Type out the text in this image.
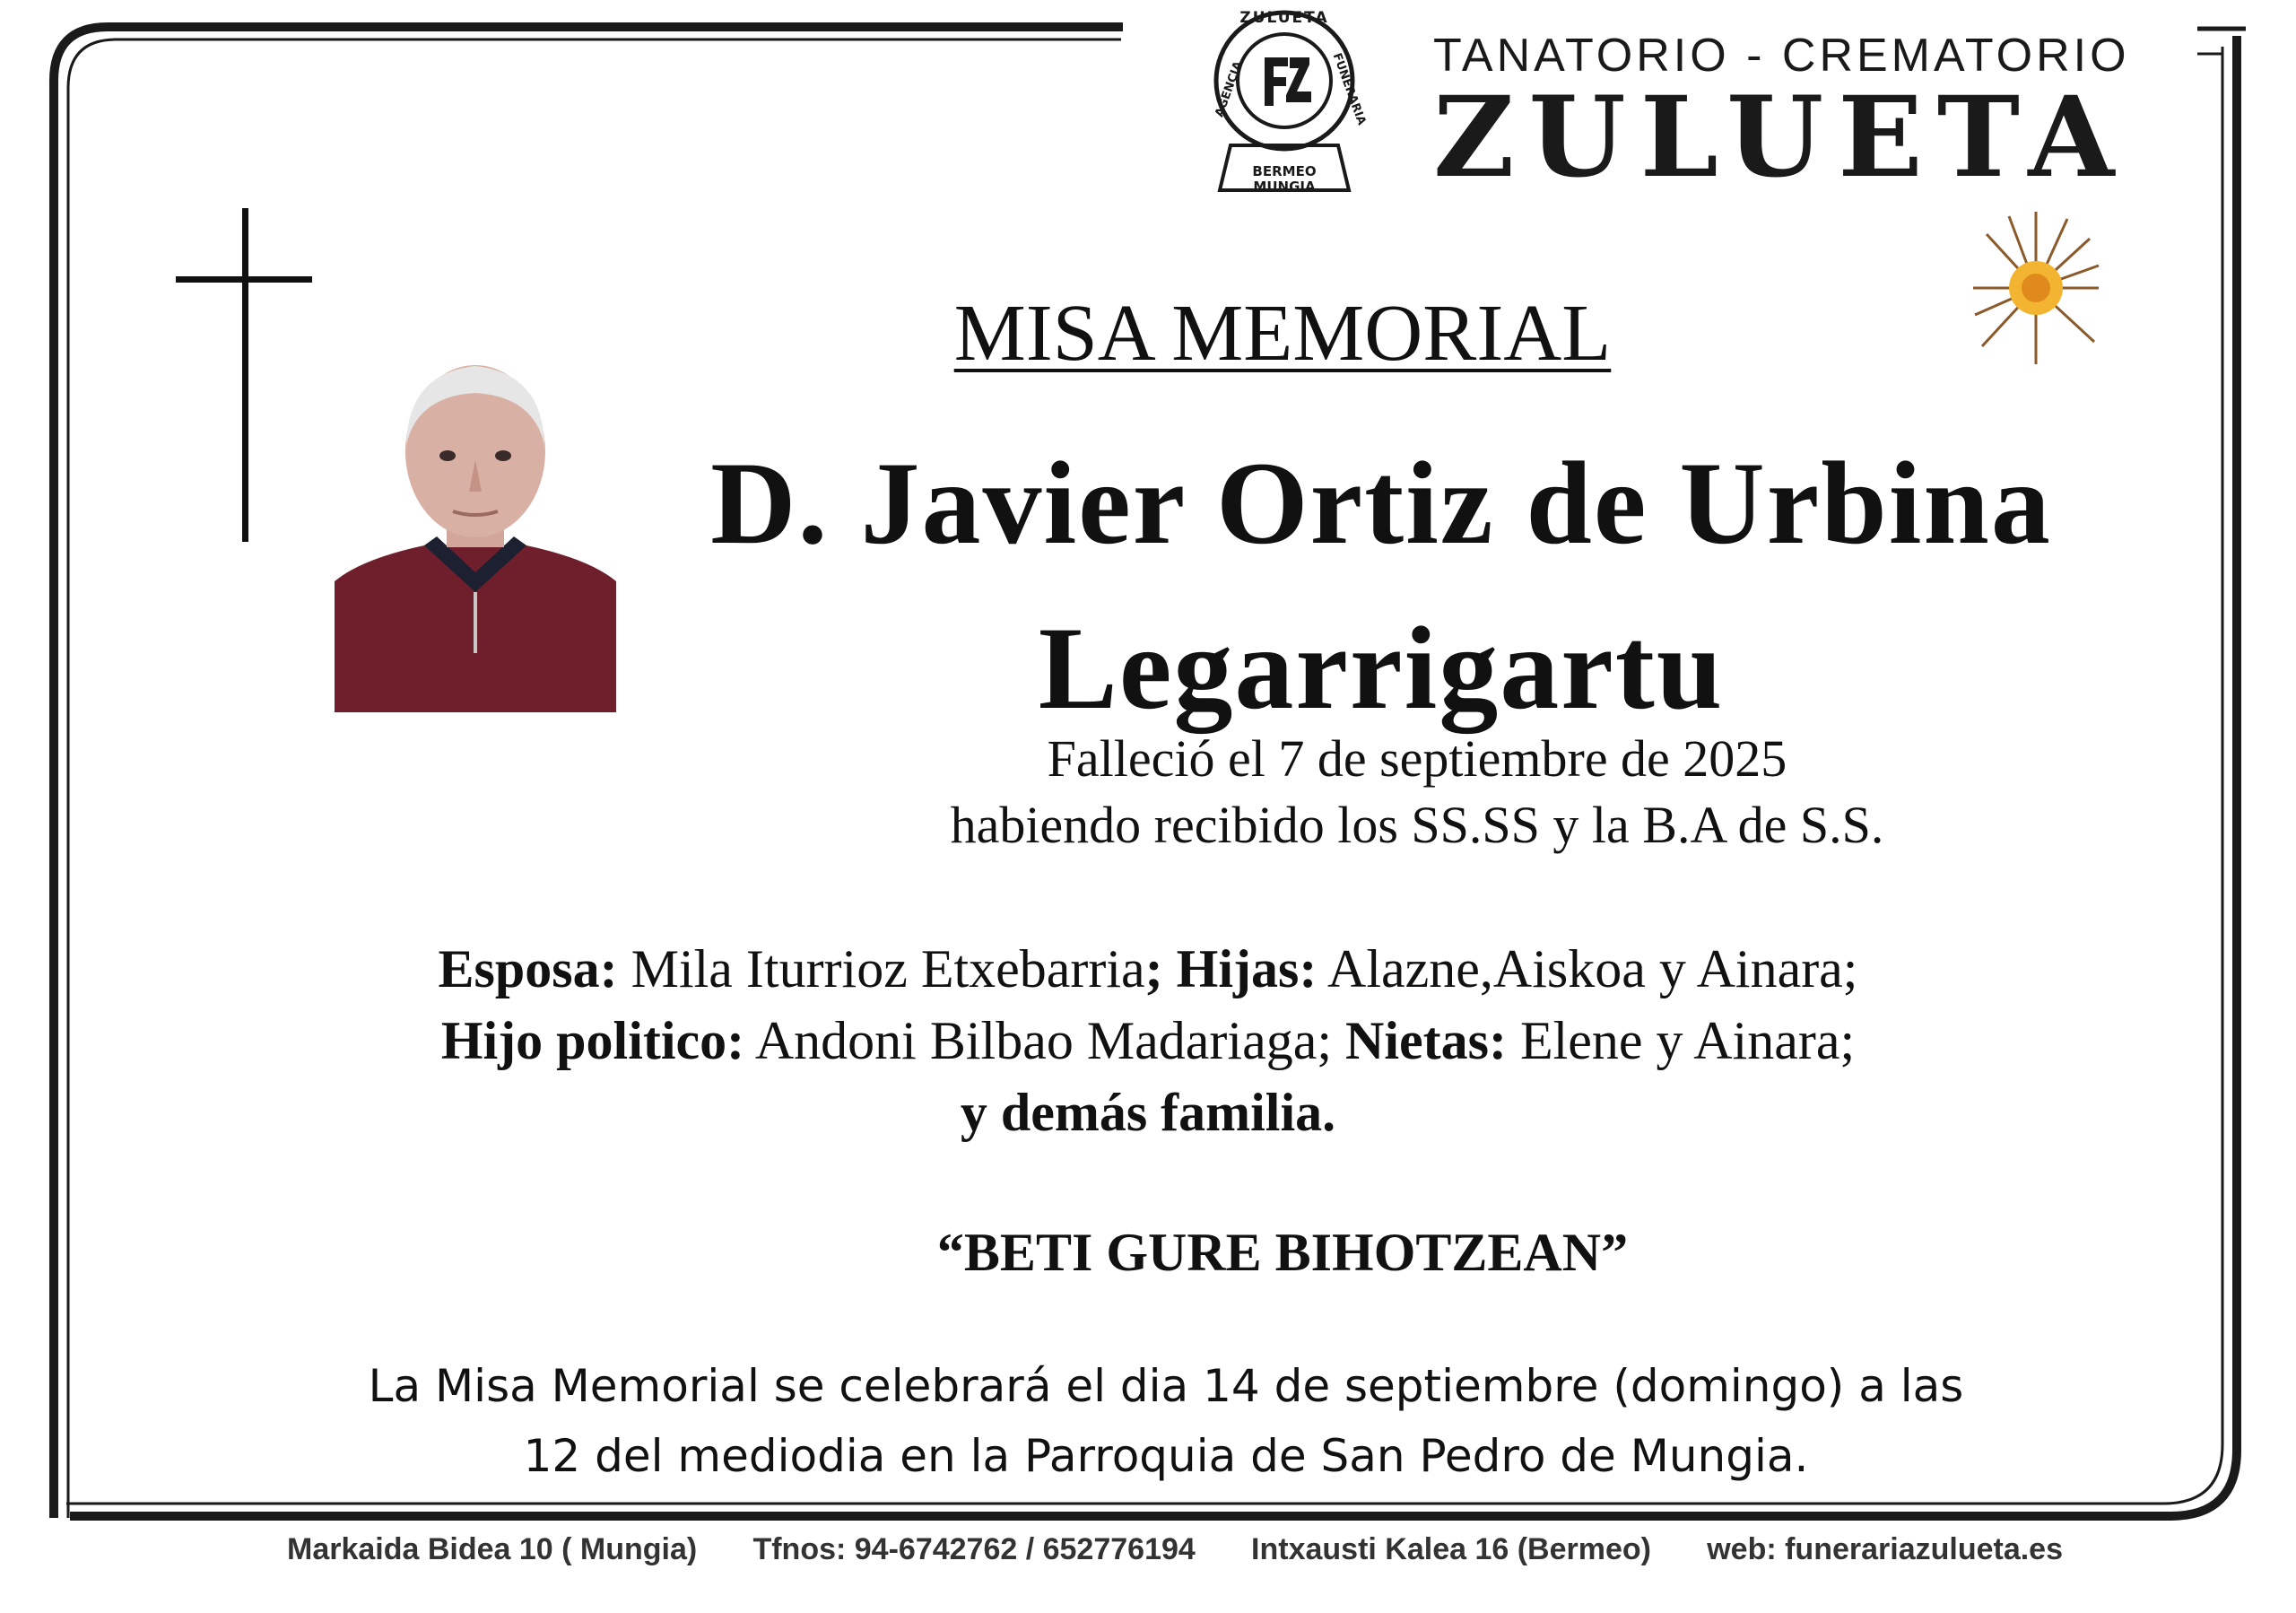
ZULUETA
AGENCIA	FUNERARIA
BERMEO
MUNGIA
TANATORIO - CREMATORIO
ZULUETA
MISA MEMORIAL
D. Javier Ortiz de Urbina
Legarrigartu
Falleció el 7 de septiembre de 2025
habiendo recibido los SS.SS y la B.A de S.S.
Esposa: Mila Iturrioz Etxebarria; Hijas: Alazne,Aiskoa y Ainara;
Hijo politico: Andoni Bilbao Madariaga; Nietas: Elene y Ainara;
y demás familia.
“BETI GURE BIHOTZEAN”
La Misa Memorial se celebrará el dia 14 de septiembre (domingo) a las
12 del mediodia en la Parroquia de San Pedro de Mungia.
Markaida Bidea 10 ( Mungia) Tfnos: 94-6742762 / 652776194 Intxausti Kalea 16 (Bermeo) web: funerariazulueta.es
